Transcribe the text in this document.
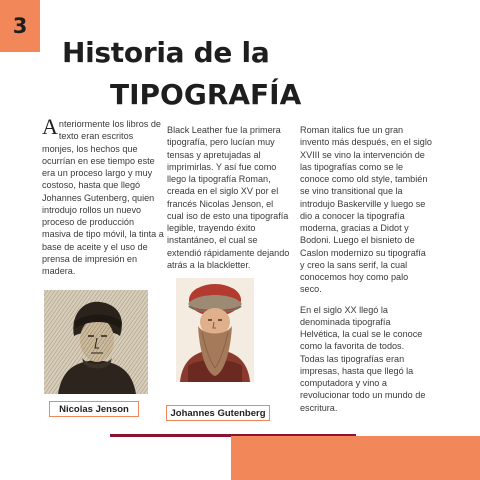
3
Historia de la
TIPOGRAFÍA

Anteriormente los libros de texto eran escritos monjes, los hechos que ocurrían en ese tiempo este era un proceso largo y muy costoso, hasta que llegó Johannes Gutenberg, quien introdujo rollos un nuevo proceso de producción masiva de tipo móvil, la tinta a base de aceite y el uso de prensa de impresión en madera.

Black Leather fue la primera tipografía, pero lucían muy tensas y apretujadas al imprimirlas. Y así fue como llego la tipografía Roman, creada en el siglo XV por el francés Nicolas Jenson, el cual iso de esto una tipografía legible, trayendo éxito instantáneo, el cual se extendió rápidamente dejando atrás a la blackletter.

Roman italics fue un gran invento más después, en el siglo XVIII se vino la intervención de las tipografías como se le conoce como old style, también se vino transitional que la introdujo Baskerville y luego se dio a conocer la tipografía moderna, gracias a Didot y Bodoni. Luego el bisnieto de Caslon modernizo su tipografía y creo la sans serif, la cual conocemos hoy como palo seco.

En el siglo XX llegó la denominada tipografía Helvética, la cual se le conoce como la favorita de todos.

Todas las tipografías eran impresas, hasta que llegó la computadora y vino a revolucionar todo un mundo de escritura.

Nicolas Jenson	Johannes Gutenberg
